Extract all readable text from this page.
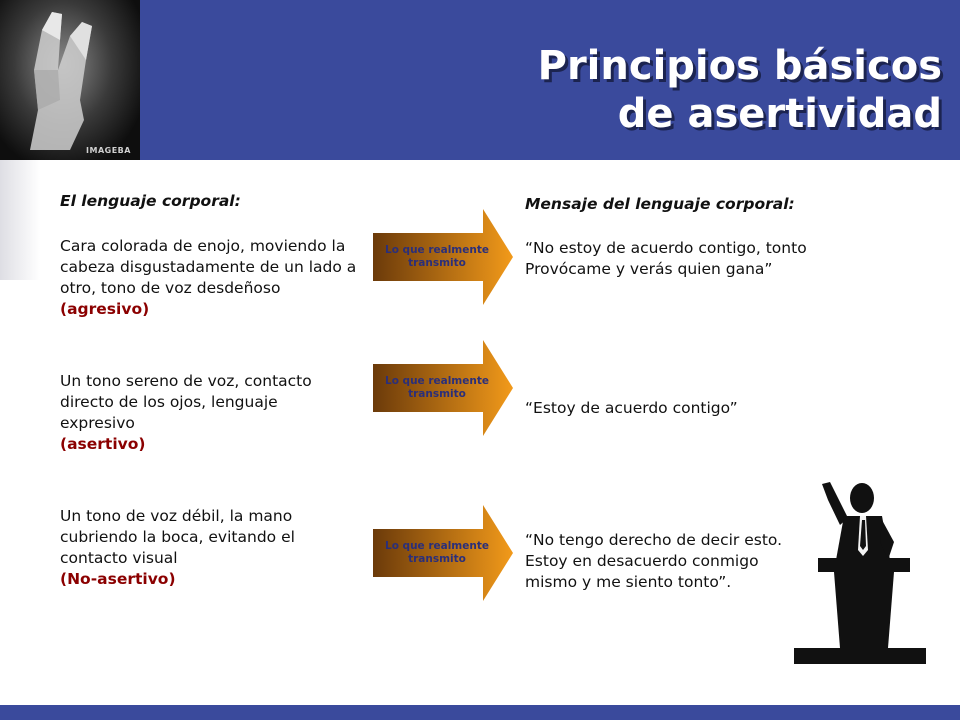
IMAGEBA
Principios básicos
de asertividad

El lenguaje corporal:

Cara colorada de enojo, moviendo la

cabeza disgustadamente de un lado a

otro, tono de voz desdeñoso

(agresivo)

Un tono sereno de voz, contacto

directo de los ojos, lenguaje

expresivo

(asertivo)

Un tono de voz débil, la mano

cubriendo la boca, evitando el

contacto visual

(No-asertivo)

Lo que realmente
transmito
Lo que realmente
transmito
Lo que realmente
transmito

Mensaje del lenguaje corporal:

“No estoy de acuerdo contigo, tonto

Provócame y verás quien gana”

“Estoy de acuerdo contigo”

“No tengo derecho de decir esto.

Estoy en desacuerdo conmigo

mismo y me siento tonto”.
